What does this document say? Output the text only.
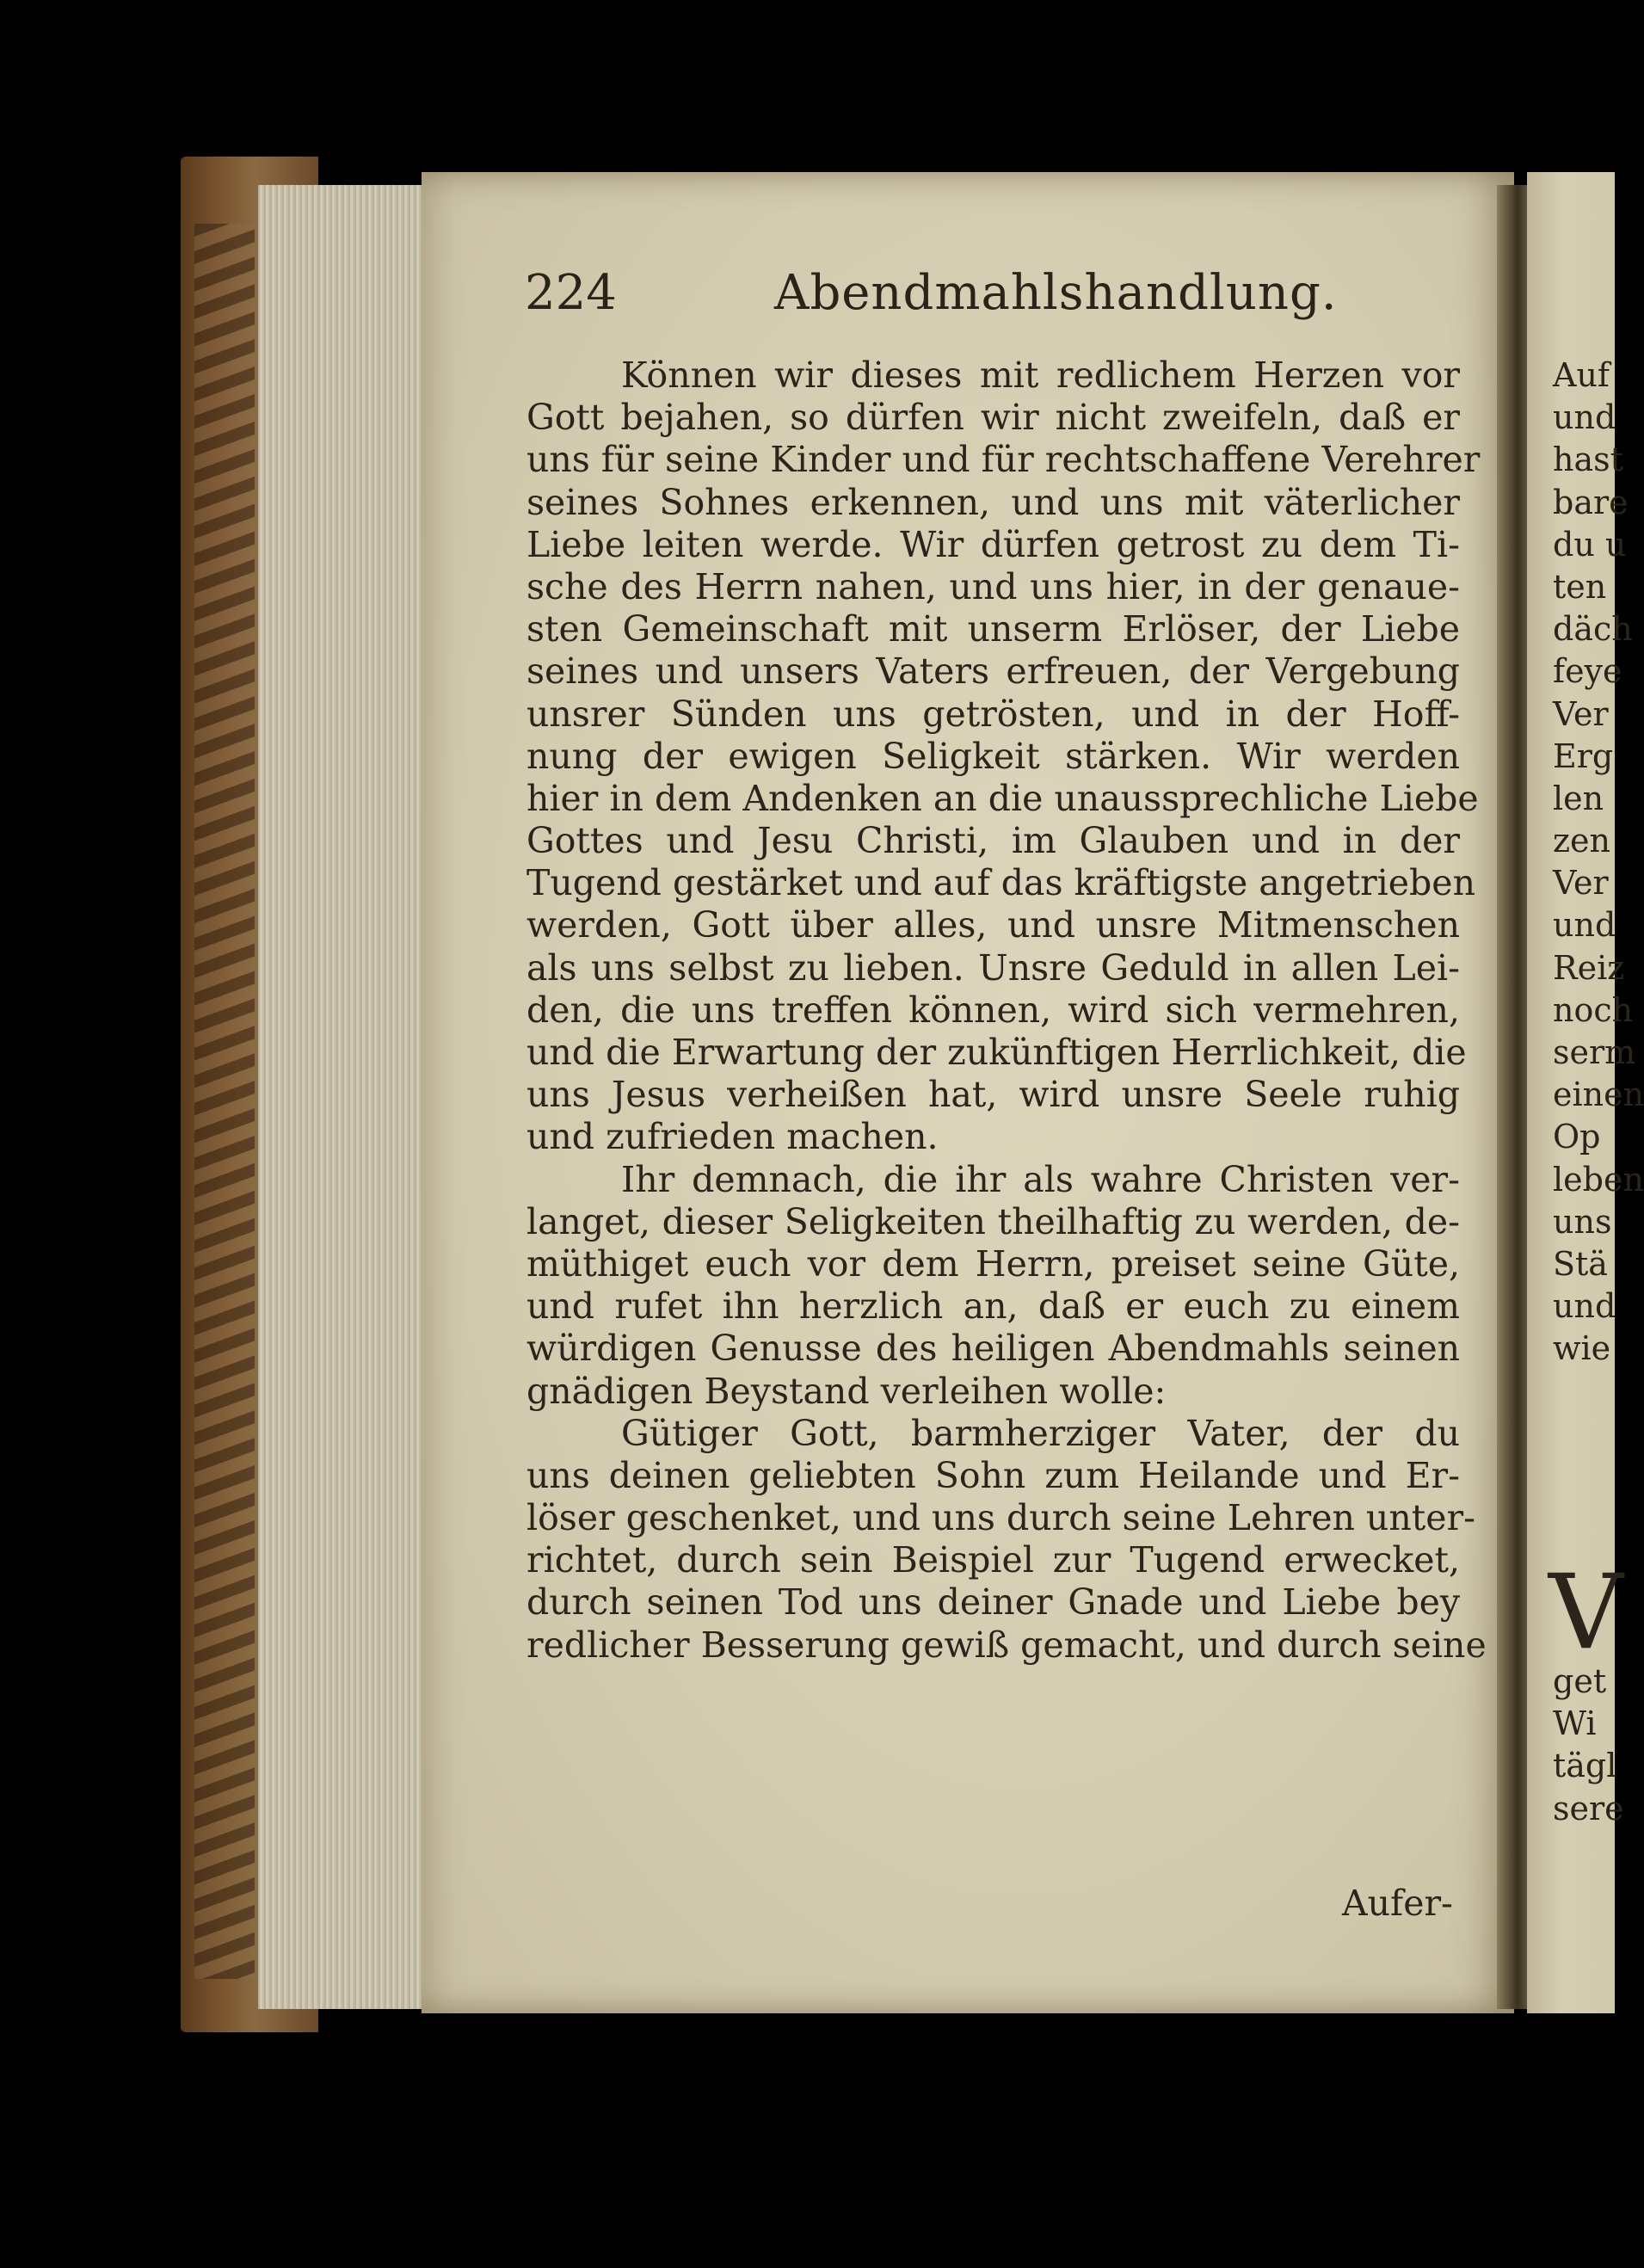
224	Abendmahlshandlung.
Können wir dieses mit redlichem Herzen vor
Gott bejahen, so dürfen wir nicht zweifeln, daß er
uns für seine Kinder und für rechtschaffene Verehrer
seines Sohnes erkennen, und uns mit väterlicher
Liebe leiten werde. Wir dürfen getrost zu dem Ti-
sche des Herrn nahen, und uns hier, in der genaue-
sten Gemeinschaft mit unserm Erlöser, der Liebe
seines und unsers Vaters erfreuen, der Vergebung
unsrer Sünden uns getrösten, und in der Hoff-
nung der ewigen Seligkeit stärken. Wir werden
hier in dem Andenken an die unaussprechliche Liebe
Gottes und Jesu Christi, im Glauben und in der
Tugend gestärket und auf das kräftigste angetrieben
werden, Gott über alles, und unsre Mitmenschen
als uns selbst zu lieben. Unsre Geduld in allen Lei-
den, die uns treffen können, wird sich vermehren,
und die Erwartung der zukünftigen Herrlichkeit, die
uns Jesus verheißen hat, wird unsre Seele ruhig
und zufrieden machen.
Ihr demnach, die ihr als wahre Christen ver-
langet, dieser Seligkeiten theilhaftig zu werden, de-
müthiget euch vor dem Herrn, preiset seine Güte,
und rufet ihn herzlich an, daß er euch zu einem
würdigen Genusse des heiligen Abendmahls seinen
gnädigen Beystand verleihen wolle:
Gütiger Gott, barmherziger Vater, der du
uns deinen geliebten Sohn zum Heilande und Er-
löser geschenket, und uns durch seine Lehren unter-
richtet, durch sein Beispiel zur Tugend erwecket,
durch seinen Tod uns deiner Gnade und Liebe bey
redlicher Besserung gewiß gemacht, und durch seine
Aufer-
Auf
und
hast
bare
du u
ten
däch
feye
Ver
Erg
len
zen
Ver
und
Reiz
noch
serm
einen
Op
leben
uns
Stä
und
wie
V
get
Wi
tägl
sere
